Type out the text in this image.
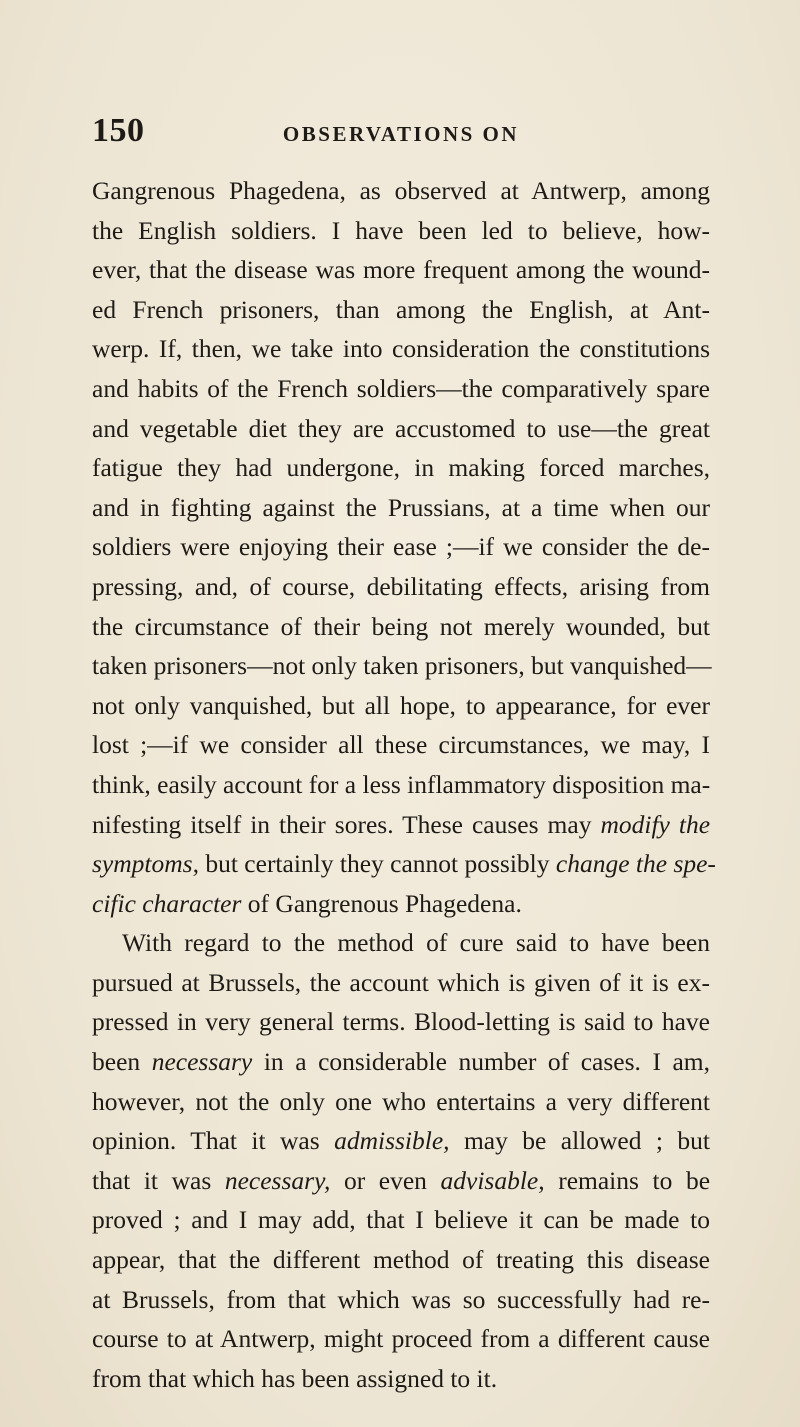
150	OBSERVATIONS ON
Gangrenous Phagedena, as observed at Antwerp, among
the English soldiers. I have been led to believe, how-
ever, that the disease was more frequent among the wound-
ed French prisoners, than among the English, at Ant-
werp. If, then, we take into consideration the constitutions
and habits of the French soldiers—the comparatively spare
and vegetable diet they are accustomed to use—the great
fatigue they had undergone, in making forced marches,
and in fighting against the Prussians, at a time when our
soldiers were enjoying their ease ;—if we consider the de-
pressing, and, of course, debilitating effects, arising from
the circumstance of their being not merely wounded, but
taken prisoners—not only taken prisoners, but vanquished—
not only vanquished, but all hope, to appearance, for ever
lost ;—if we consider all these circumstances, we may, I
think, easily account for a less inflammatory disposition ma-
nifesting itself in their sores. These causes may modify the
symptoms, but certainly they cannot possibly change the spe-
cific character of Gangrenous Phagedena.
With regard to the method of cure said to have been
pursued at Brussels, the account which is given of it is ex-
pressed in very general terms. Blood-letting is said to have
been necessary in a considerable number of cases. I am,
however, not the only one who entertains a very different
opinion. That it was admissible, may be allowed ; but
that it was necessary, or even advisable, remains to be
proved ; and I may add, that I believe it can be made to
appear, that the different method of treating this disease
at Brussels, from that which was so successfully had re-
course to at Antwerp, might proceed from a different cause
from that which has been assigned to it.
